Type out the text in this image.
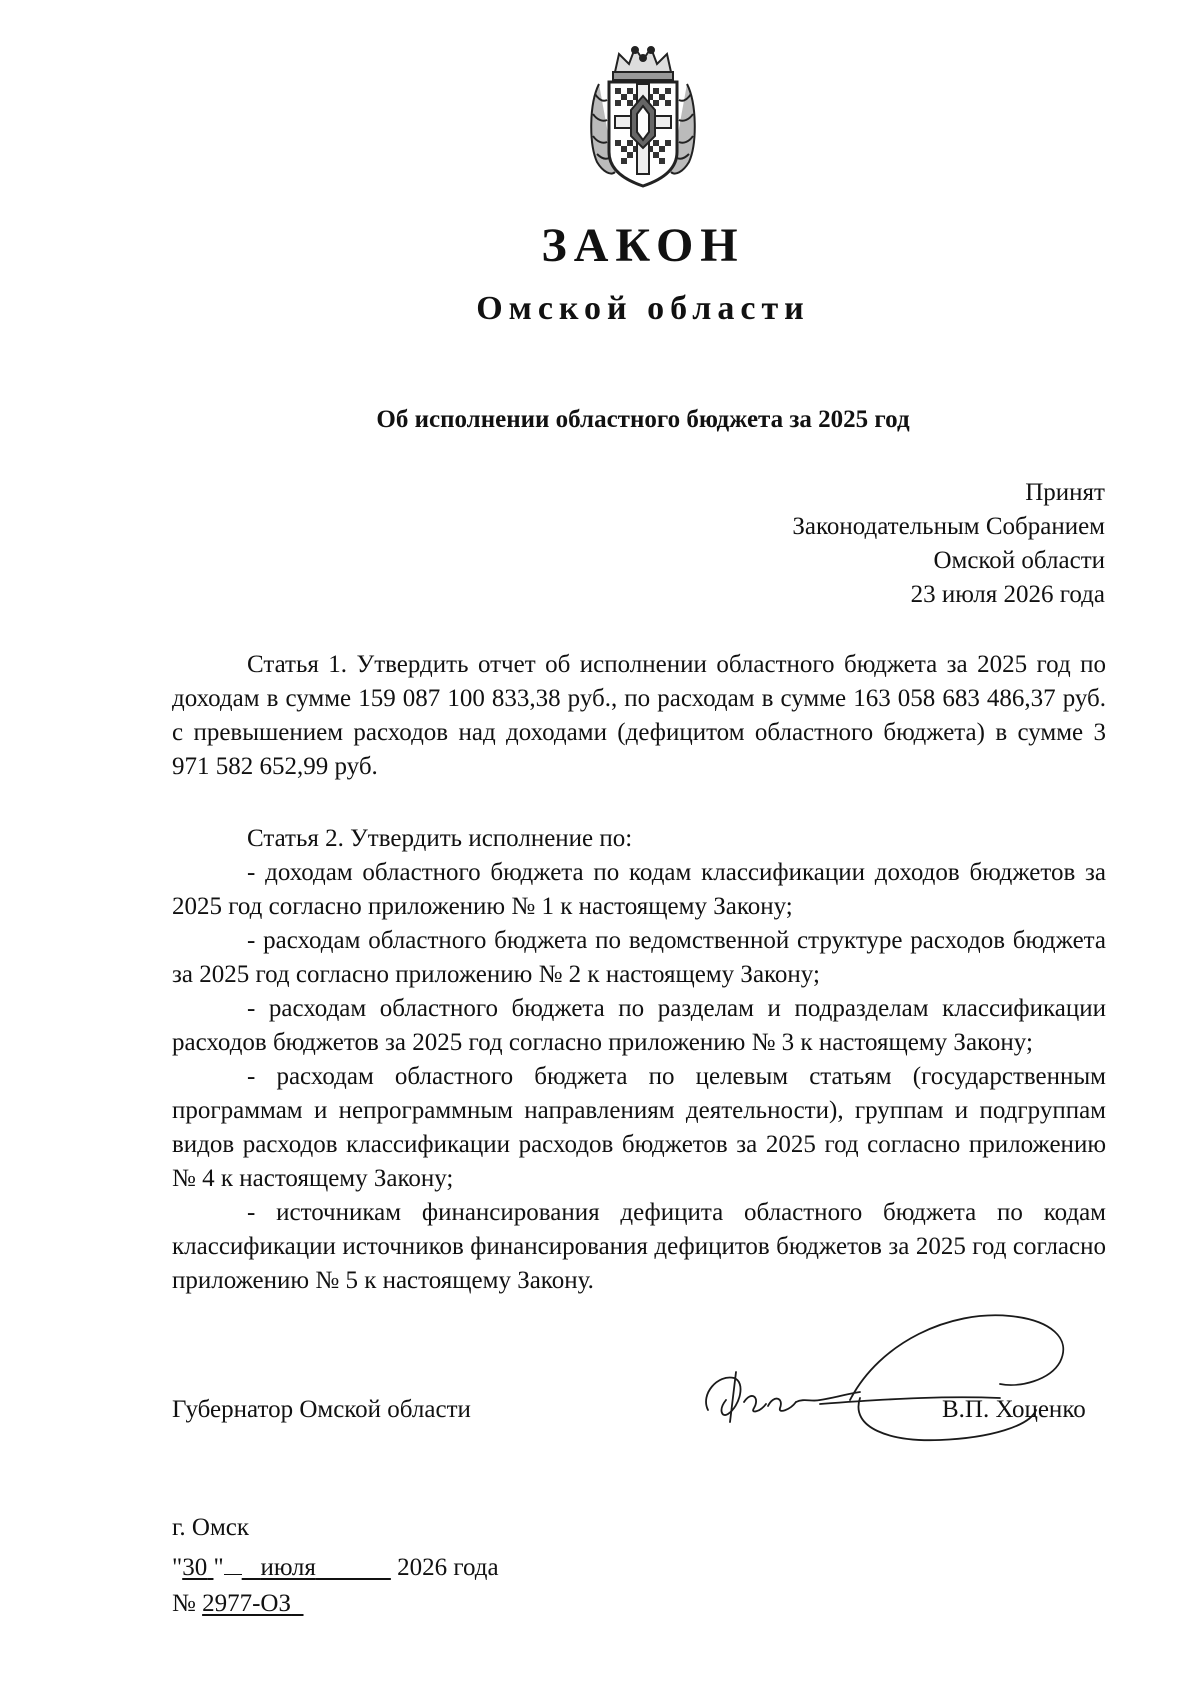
ЗАКОН
Омской области
Об исполнении областного бюджета за 2025 год
Принят
Законодательным Собранием
Омской области
23 июля 2026 года

Статья 1. Утвердить отчет об исполнении областного бюджета за 2025 год по доходам в сумме 159 087 100 833,38 руб., по расходам в сумме 163 058 683 486,37 руб. с превышением расходов над доходами (дефицитом областного бюджета) в сумме 3 971 582 652,99 руб.

Статья 2. Утвердить исполнение по:

- доходам областного бюджета по кодам классификации доходов бюджетов за 2025 год согласно приложению № 1 к настоящему Закону;

- расходам областного бюджета по ведомственной структуре расходов бюджета за 2025 год согласно приложению № 2 к настоящему Закону;

- расходам областного бюджета по разделам и подразделам классификации расходов бюджетов за 2025 год согласно приложению № 3 к настоящему Закону;

- расходам областного бюджета по целевым статьям (государственным программам и непрограммным направлениям деятельности), группам и подгруппам видов расходов классификации расходов бюджетов за 2025 год согласно приложению № 4 к настоящему Закону;

- источникам финансирования дефицита областного бюджета по кодам классификации источников финансирования дефицитов бюджетов за 2025 год согласно приложению № 5 к настоящему Закону.

Губернатор Омской области	В.П. Хоценко
г. Омск
"30 " июля	2026 года
№ 2977-ОЗ
